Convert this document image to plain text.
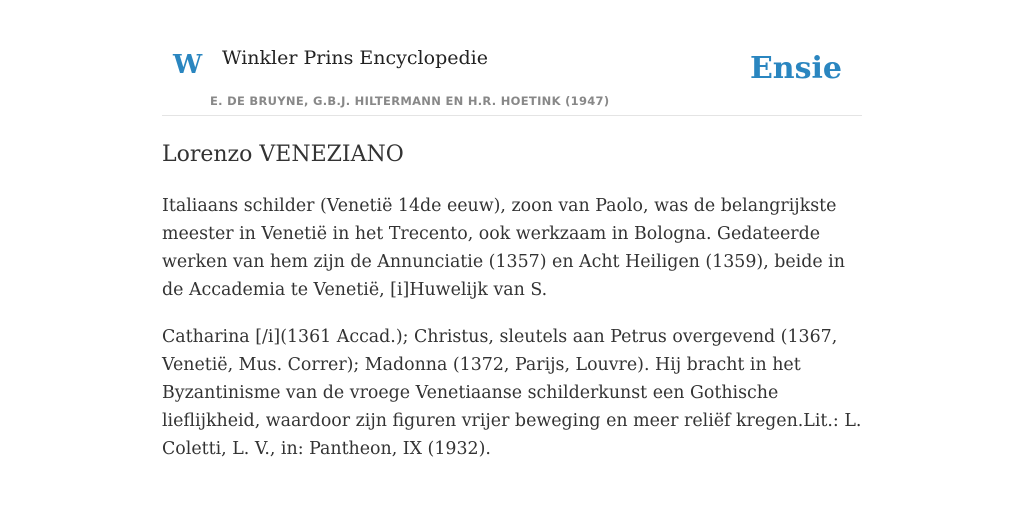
W Winkler Prins Encyclopedie
E. DE BRUYNE, G.B.J. HILTERMANN EN H.R. HOETINK (1947)
Ensie
Lorenzo VENEZIANO

Italiaans schilder (Venetië 14de eeuw), zoon van Paolo, was de belangrijkste meester in Venetië in het Trecento, ook werkzaam in Bologna. Gedateerde werken van hem zijn de Annunciatie (1357) en Acht Heiligen (1359), beide in de Accademia te Venetië, [i]Huwelijk van S.

Catharina [/i](1361 Accad.); Christus, sleutels aan Petrus overgevend (1367, Venetië, Mus. Correr); Madonna (1372, Parijs, Louvre). Hij bracht in het Byzantinisme van de vroege Venetiaanse schilderkunst een Gothische lieflijkheid, waardoor zijn figuren vrijer beweging en meer reliëf kregen.Lit.: L. Coletti, L. V., in: Pantheon, IX (1932).
